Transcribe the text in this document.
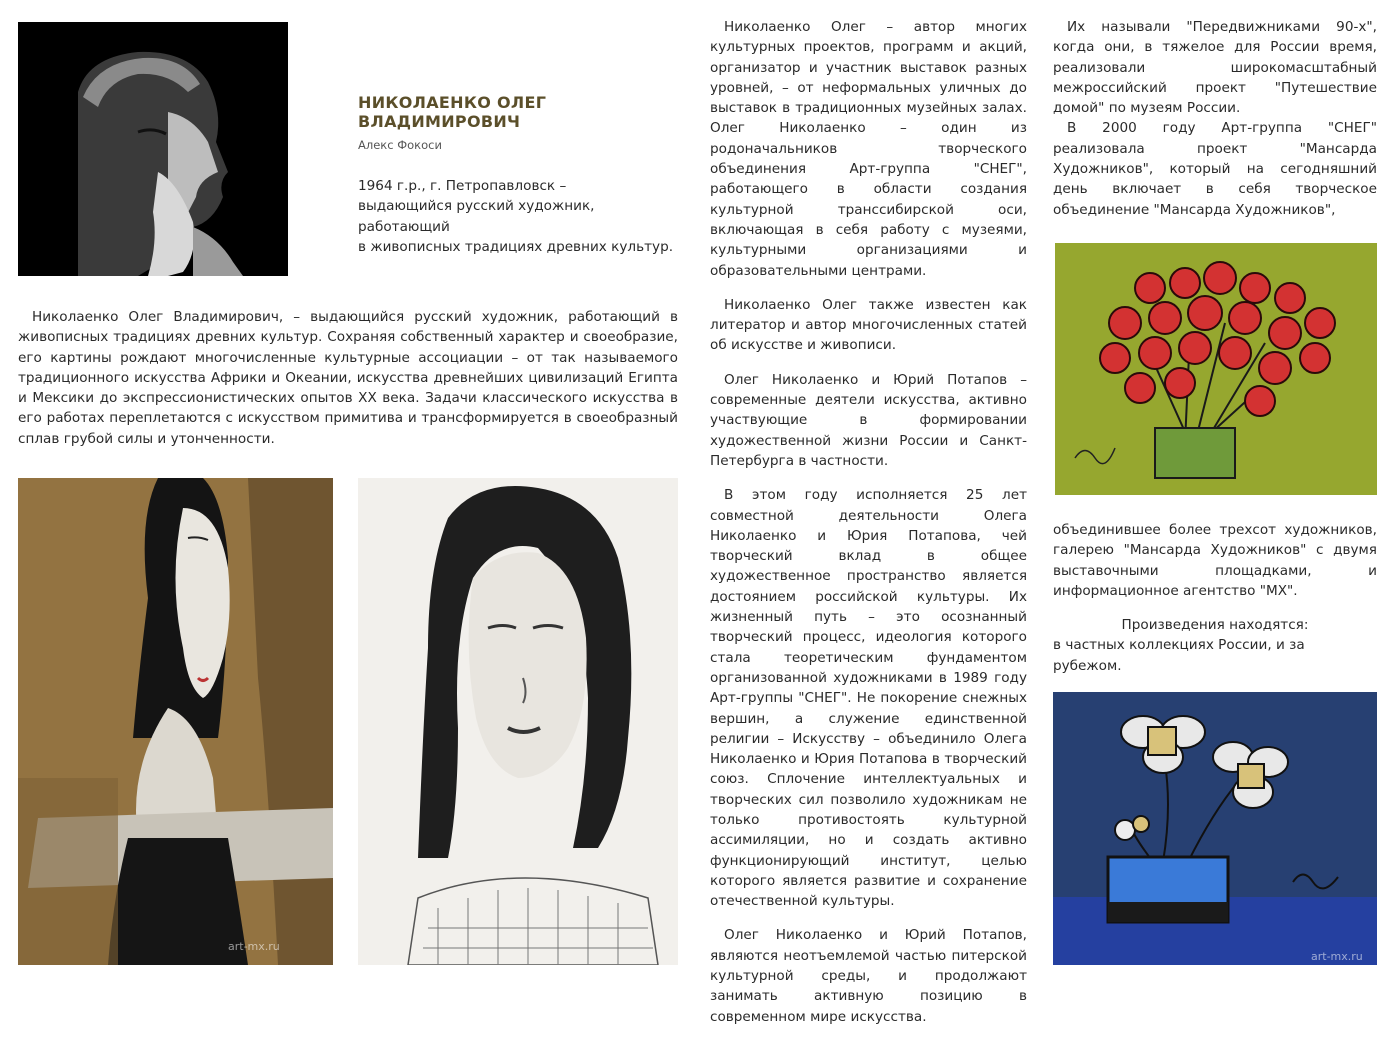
НИКОЛАЕНКО ОЛЕГ
ВЛАДИМИРОВИЧ
Алекс Фокоси
1964 г.р., г. Петропавловск –
выдающийся русский художник, работающий
в живописных традициях древних культур.

Николаенко Олег Владимирович, – выдающийся русский художник, работающий в живописных традициях древних культур. Сохраняя собственный характер и своеобразие, его картины рождают многочисленные культурные ассоциации – от так называемого традиционного искусства Африки и Океании, искусства древнейших цивилизаций Египта и Мексики до экспрессионистических опытов ХХ века. Задачи классического искусства в его работах переплетаются с искусством примитива и трансформируется в своеобразный сплав грубой силы и утонченности.

art-mx.ru

Николаенко Олег – автор многих культурных проектов, программ и акций, организатор и участник выставок разных уровней, – от неформальных уличных до выставок в традиционных музейных залах. Олег Николаенко – один из родоначальников творческого объединения Арт-группа "СНЕГ", работающего в области создания культурной транссибирской оси, включающая в себя работу с музеями, культурными организациями и образовательными центрами.

Николаенко Олег также известен как литератор и автор многочисленных статей об искусстве и живописи.

Олег Николаенко и Юрий Потапов – современные деятели искусства, активно участвующие в формировании художественной жизни России и Санкт-Петербурга в частности.

В этом году исполняется 25 лет совместной деятельности Олега Николаенко и Юрия Потапова, чей творческий вклад в общее художественное пространство является достоянием российской культуры. Их жизненный путь – это осознанный творческий процесс, идеология которого стала теоретическим фундаментом организованной художниками в 1989 году Арт-группы "СНЕГ". Не покорение снежных вершин, а служение единственной религии – Искусству – объединило Олега Николаенко и Юрия Потапова в творческий союз. Сплочение интеллектуальных и творческих сил позволило художникам не только противостоять культурной ассимиляции, но и создать активно функционирующий институт, целью которого является развитие и сохранение отечественной культуры.

Олег Николаенко и Юрий Потапов, являются неотъемлемой частью питерской культурной среды, и продолжают занимать активную позицию в современном мире искусства.

Их называли "Передвижниками 90-х", когда они, в тяжелое для России время, реализовали широкомасштабный межроссийский проект "Путешествие домой" по музеям России.

В 2000 году Арт-группа "СНЕГ" реализовала проект "Мансарда Художников", который на сегодняшний день включает в себя творческое объединение "Мансарда Художников",

объединившее более трехсот художников, галерею "Мансарда Художников" с двумя выставочными площадками, и информационное агентство "МХ".

Произведения находятся:

в частных коллекциях России, и за рубежом.

art-mx.ru
